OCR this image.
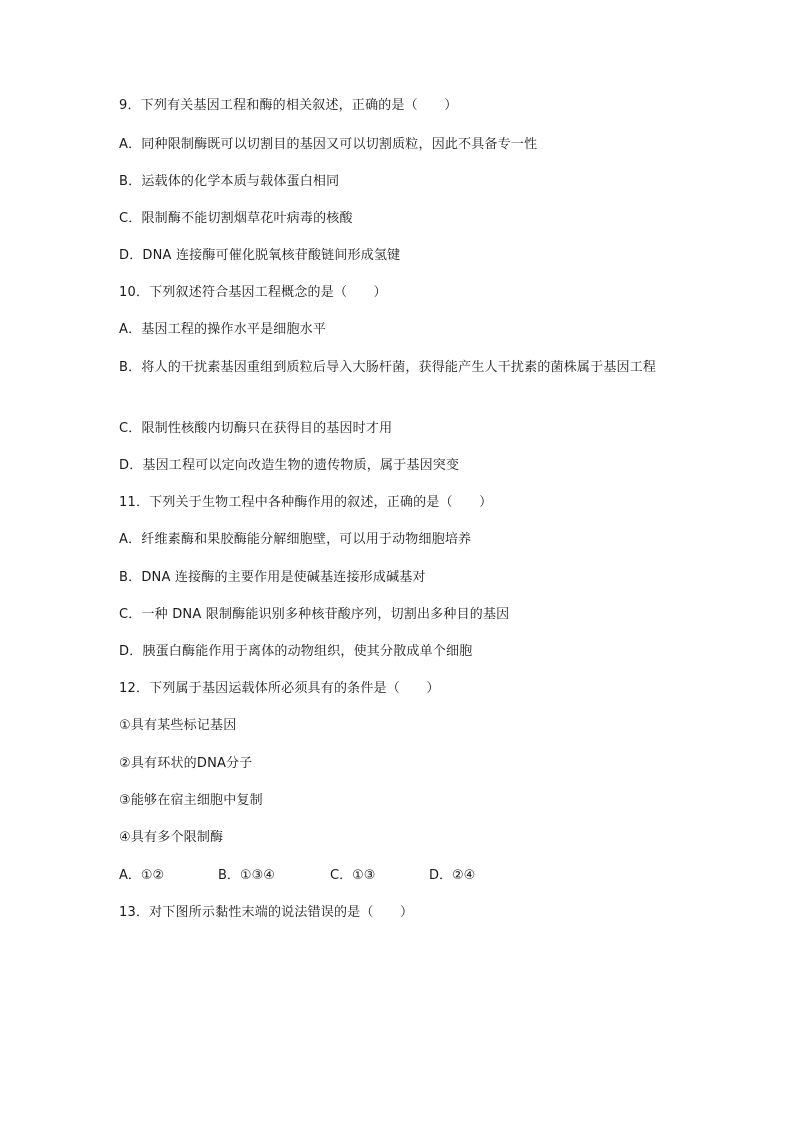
9．下列有关基因工程和酶的相关叙述，正确的是（　　）
A．同种限制酶既可以切割目的基因又可以切割质粒，因此不具备专一性
B．运载体的化学本质与载体蛋白相同
C．限制酶不能切割烟草花叶病毒的核酸
D．DNA 连接酶可催化脱氧核苷酸链间形成氢键
10．下列叙述符合基因工程概念的是（　　）
A．基因工程的操作水平是细胞水平
B．将人的干扰素基因重组到质粒后导入大肠杆菌，获得能产生人干扰素的菌株属于基因工程
C．限制性核酸内切酶只在获得目的基因时才用
D．基因工程可以定向改造生物的遗传物质，属于基因突变
11．下列关于生物工程中各种酶作用的叙述，正确的是（　　）
A．纤维素酶和果胶酶能分解细胞壁，可以用于动物细胞培养
B．DNA 连接酶的主要作用是使碱基连接形成碱基对
C．一种 DNA 限制酶能识别多种核苷酸序列，切割出多种目的基因
D．胰蛋白酶能作用于离体的动物组织，使其分散成单个细胞
12．下列属于基因运载体所必须具有的条件是（　　）
①具有某些标记基因
②具有环状的DNA分子
③能够在宿主细胞中复制
④具有多个限制酶
A．①②	B．①③④	C．①③	D．②④
13．对下图所示黏性末端的说法错误的是（　　）
